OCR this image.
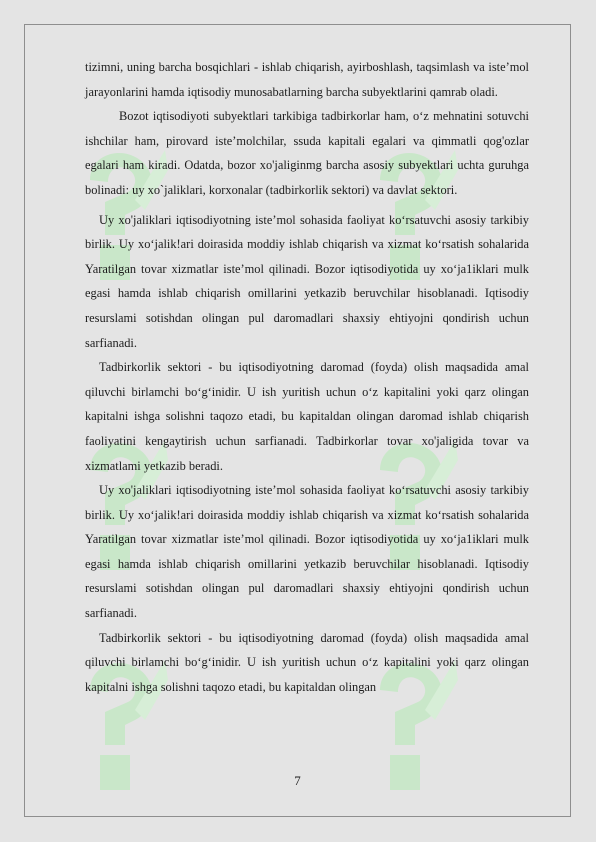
tizimni, uning barcha bosqichlari - ishlab chiqarish, ayirboshlash, taqsimlash va iste’mol jarayonlarini hamda iqtisodiy munosabatlarning barcha subyektlarini qamrab oladi.

Bozot iqtisodiyoti subyektlari tarkibiga tadbirkorlar ham, o‘z mehnatini sotuvchi ishchilar ham, pirovard iste’molchilar, ssuda kapitali egalari va qimmatli qog'ozlar egalari ham kiradi. Odatda, bozor xo'jaliginmg barcha asosiy subyektlari uchta guruhga bolinadi: uy xo`jaliklari, korxonalar (tadbirkorlik sektori) va davlat sektori.

Uy xo'jaliklari iqtisodiyotning iste’mol sohasida faoliyat ko‘rsatuvchi asosiy tarkibiy birlik. Uy xo‘jalik!ari doirasida moddiy ishlab chiqarish va xizmat ko‘rsatish sohalarida Yaratilgan tovar xizmatlar iste’mol qilinadi. Bozor iqtisodiyotida uy xo‘ja1iklari mulk egasi hamda ishlab chiqarish omillarini yetkazib beruvchilar hisoblanadi. Iqtisodiy resurslami sotishdan olingan pul daromadlari shaxsiy ehtiyojni qondirish uchun sarfianadi.

Tadbirkorlik sektori - bu iqtisodiyotning daromad (foyda) olish maqsadida amal qiluvchi birlamchi bo‘g‘inidir. U ish yuritish uchun o‘z kapitalini yoki qarz olingan kapitalni ishga solishni taqozo etadi, bu kapitaldan olingan daromad ishlab chiqarish faoliyatini kengaytirish uchun sarfianadi. Tadbirkorlar tovar xo'jaligida tovar va xizmatlami yetkazib beradi.

Uy xo'jaliklari iqtisodiyotning iste’mol sohasida faoliyat ko‘rsatuvchi asosiy tarkibiy birlik. Uy xo‘jalik!ari doirasida moddiy ishlab chiqarish va xizmat ko‘rsatish sohalarida Yaratilgan tovar xizmatlar iste’mol qilinadi. Bozor iqtisodiyotida uy xo‘ja1iklari mulk egasi hamda ishlab chiqarish omillarini yetkazib beruvchilar hisoblanadi. Iqtisodiy resurslami sotishdan olingan pul daromadlari shaxsiy ehtiyojni qondirish uchun sarfianadi.

Tadbirkorlik sektori - bu iqtisodiyotning daromad (foyda) olish maqsadida amal qiluvchi birlamchi bo‘g‘inidir. U ish yuritish uchun o‘z kapitalini yoki qarz olingan kapitalni ishga solishni taqozo etadi, bu kapitaldan olingan

7
